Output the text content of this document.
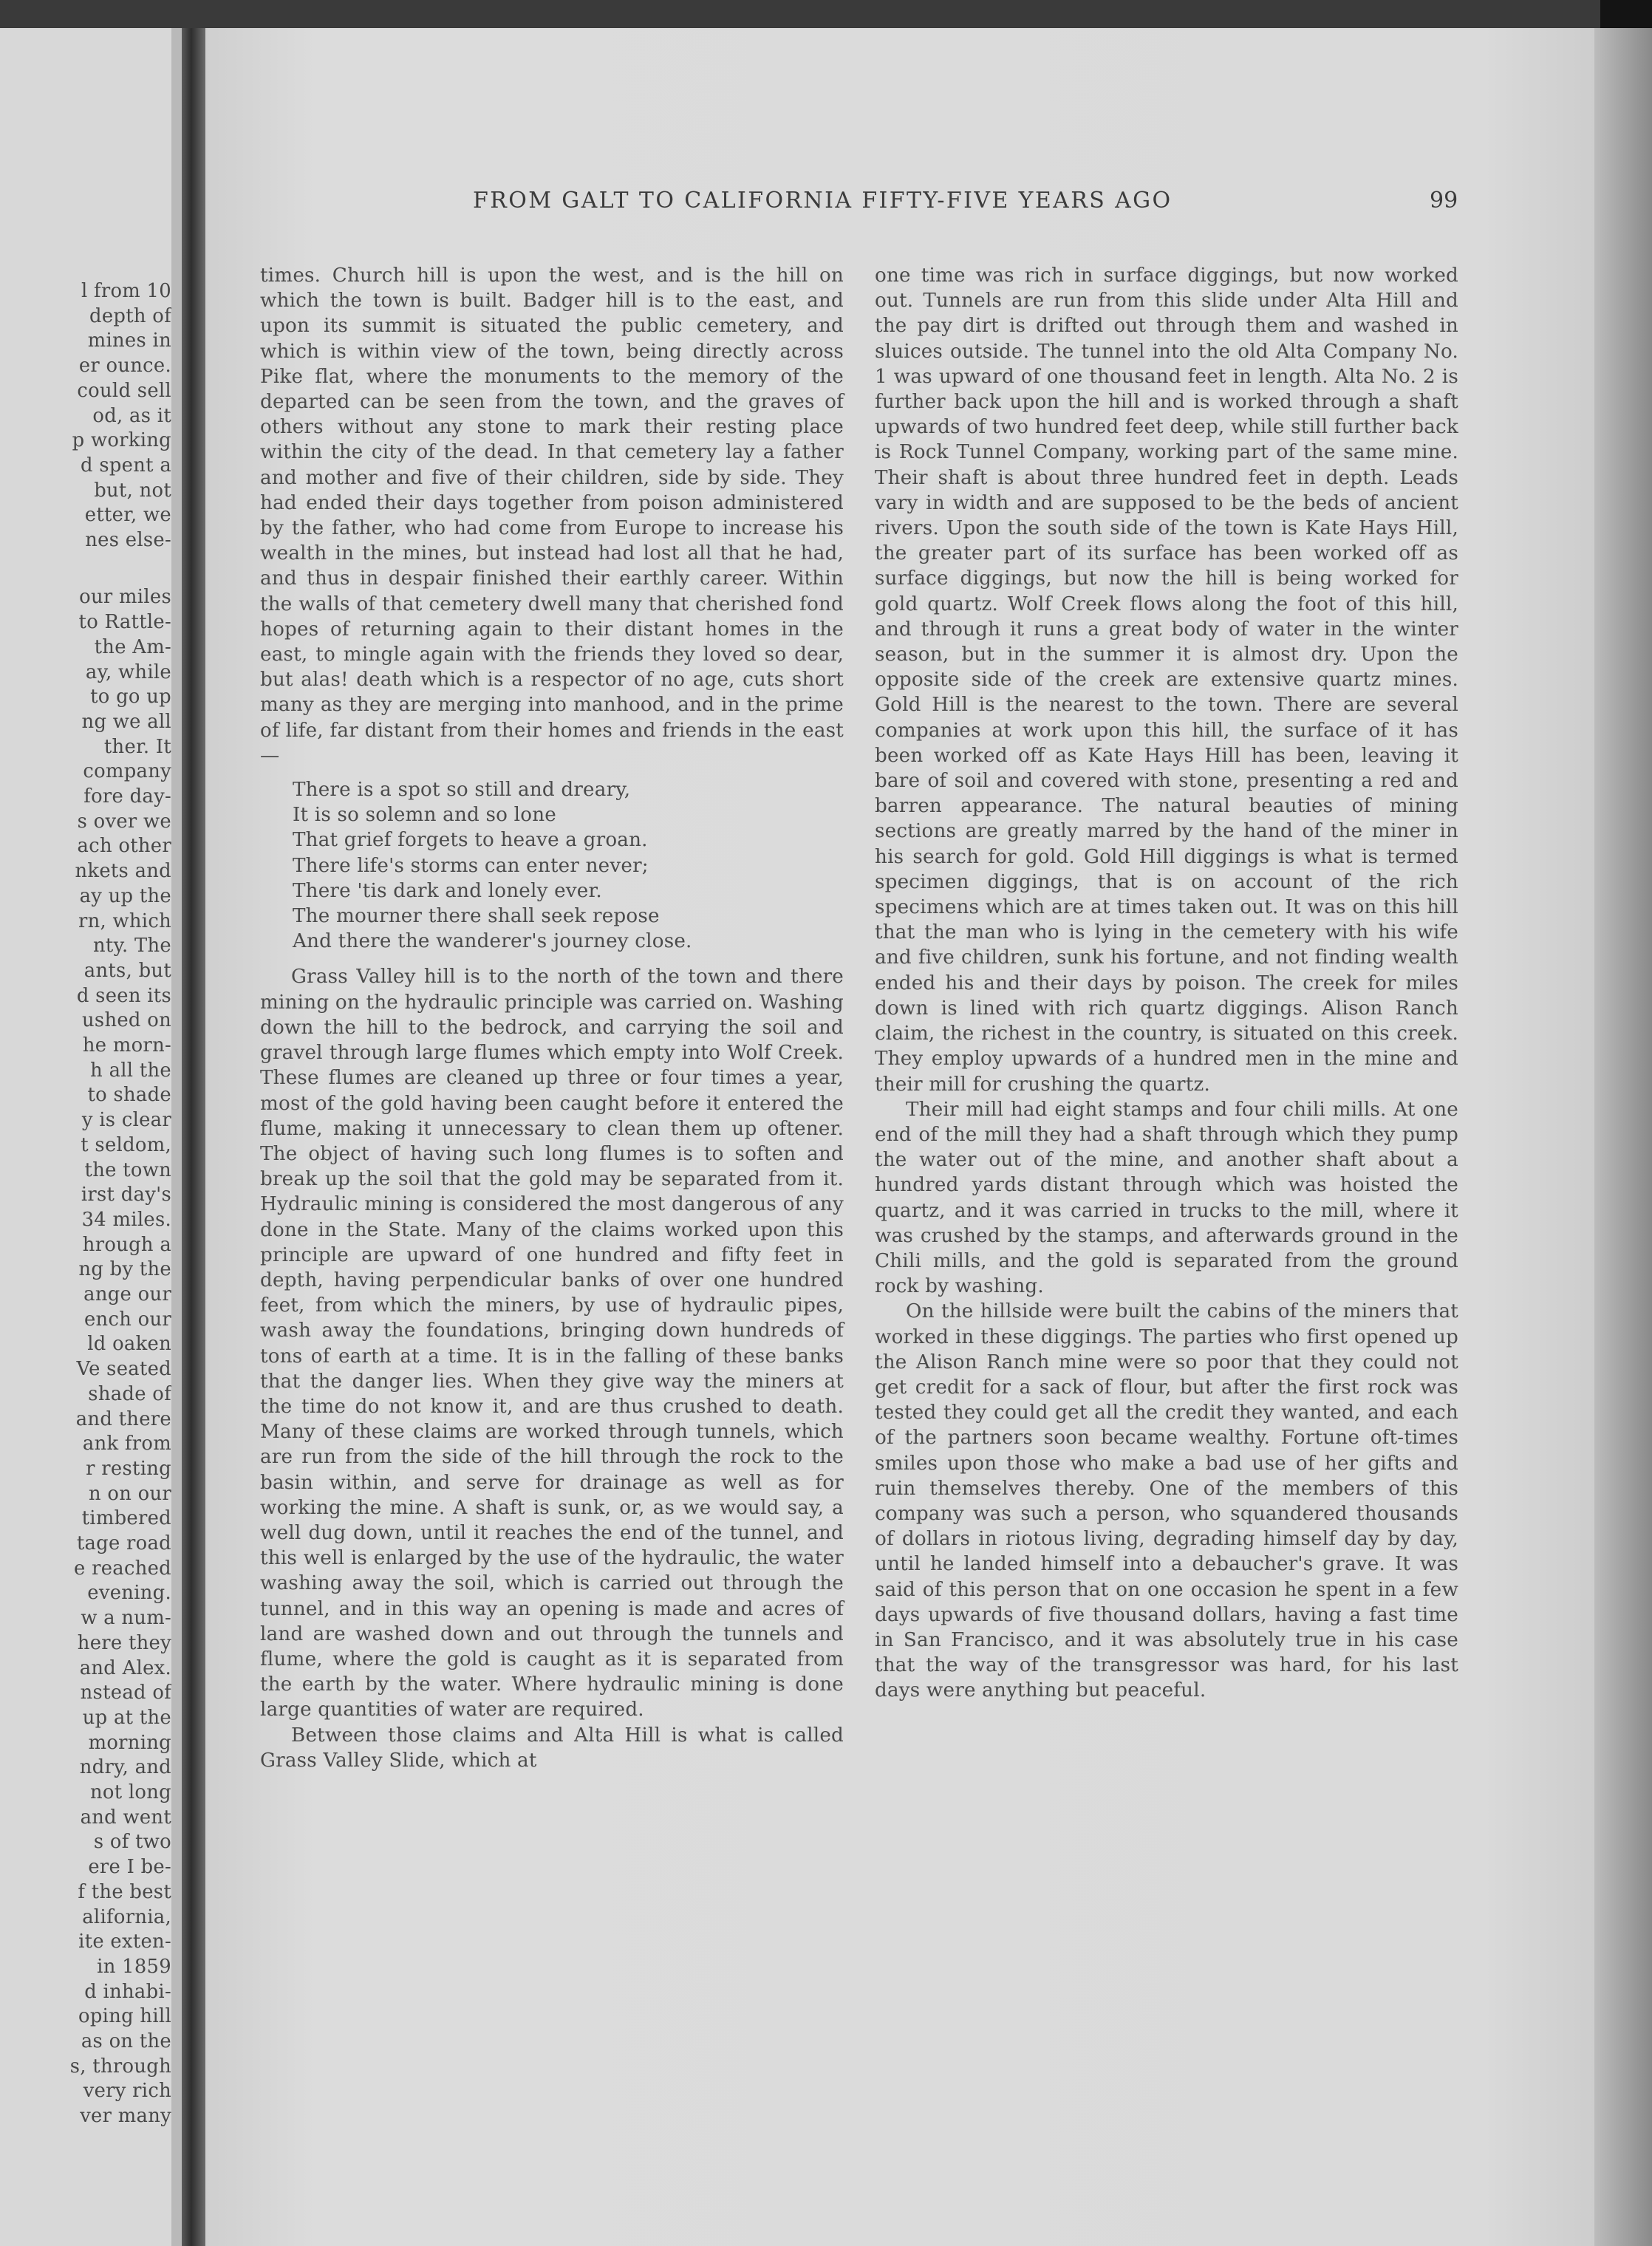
l from 10
depth of
mines in
er ounce.
could sell
od, as it
p working
d spent a
but, not
etter, we
nes else-
our miles
to Rattle-
the Am-
ay, while
to go up
ng we all
ther. It
company
fore day-
s over we
ach other
nkets and
ay up the
rn, which
nty. The
ants, but
d seen its
ushed on
he morn-
h all the
to shade
y is clear
t seldom,
the town
irst day's
34 miles.
hrough a
ng by the
ange our
ench our
ld oaken
Ve seated
shade of
and there
ank from
r resting
n on our
timbered
tage road
e reached
evening.
w a num-
here they
and Alex.
nstead of
up at the
morning
ndry, and
not long
and went
s of two
ere I be-
f the best
alifornia,
ite exten-
in 1859
d inhabi-
oping hill
as on the
s, through
very rich
ver many
FROM GALT TO CALIFORNIA FIFTY-FIVE YEARS AGO	99

times. Church hill is upon the west, and is the hill on which the town is built. Badger hill is to the east, and upon its summit is situated the public cemetery, and which is within view of the town, being directly across Pike flat, where the monuments to the memory of the departed can be seen from the town, and the graves of others without any stone to mark their resting place within the city of the dead. In that cemetery lay a father and mother and five of their children, side by side. They had ended their days together from poison administered by the father, who had come from Europe to increase his wealth in the mines, but instead had lost all that he had, and thus in despair finished their earthly career. Within the walls of that cemetery dwell many that cherished fond hopes of returning again to their distant homes in the east, to mingle again with the friends they loved so dear, but alas! death which is a respector of no age, cuts short many as they are merging into manhood, and in the prime of life, far distant from their homes and friends in the east—

There is a spot so still and dreary,
It is so solemn and so lone
That grief forgets to heave a groan.
There life's storms can enter never;
There 'tis dark and lonely ever.
The mourner there shall seek repose
And there the wanderer's journey close.

Grass Valley hill is to the north of the town and there mining on the hydraulic principle was carried on. Washing down the hill to the bedrock, and carrying the soil and gravel through large flumes which empty into Wolf Creek. These flumes are cleaned up three or four times a year, most of the gold having been caught before it entered the flume, making it unnecessary to clean them up oftener. The object of having such long flumes is to soften and break up the soil that the gold may be separated from it. Hydraulic mining is considered the most dangerous of any done in the State. Many of the claims worked upon this principle are upward of one hundred and fifty feet in depth, having perpendicular banks of over one hundred feet, from which the miners, by use of hydraulic pipes, wash away the foundations, bringing down hundreds of tons of earth at a time. It is in the falling of these banks that the danger lies. When they give way the miners at the time do not know it, and are thus crushed to death. Many of these claims are worked through tunnels, which are run from the side of the hill through the rock to the basin within, and serve for drainage as well as for working the mine. A shaft is sunk, or, as we would say, a well dug down, until it reaches the end of the tunnel, and this well is enlarged by the use of the hydraulic, the water washing away the soil, which is carried out through the tunnel, and in this way an opening is made and acres of land are washed down and out through the tunnels and flume, where the gold is caught as it is separated from the earth by the water. Where hydraulic mining is done large quantities of water are required.

Between those claims and Alta Hill is what is called Grass Valley Slide, which at

one time was rich in surface diggings, but now worked out. Tunnels are run from this slide under Alta Hill and the pay dirt is drifted out through them and washed in sluices outside. The tunnel into the old Alta Company No. 1 was upward of one thousand feet in length. Alta No. 2 is further back upon the hill and is worked through a shaft upwards of two hundred feet deep, while still further back is Rock Tunnel Company, working part of the same mine. Their shaft is about three hundred feet in depth. Leads vary in width and are supposed to be the beds of ancient rivers. Upon the south side of the town is Kate Hays Hill, the greater part of its surface has been worked off as surface diggings, but now the hill is being worked for gold quartz. Wolf Creek flows along the foot of this hill, and through it runs a great body of water in the winter season, but in the summer it is almost dry. Upon the opposite side of the creek are extensive quartz mines. Gold Hill is the nearest to the town. There are several companies at work upon this hill, the surface of it has been worked off as Kate Hays Hill has been, leaving it bare of soil and covered with stone, presenting a red and barren appearance. The natural beauties of mining sections are greatly marred by the hand of the miner in his search for gold. Gold Hill diggings is what is termed specimen diggings, that is on account of the rich specimens which are at times taken out. It was on this hill that the man who is lying in the cemetery with his wife and five children, sunk his fortune, and not finding wealth ended his and their days by poison. The creek for miles down is lined with rich quartz diggings. Alison Ranch claim, the richest in the country, is situated on this creek. They employ upwards of a hundred men in the mine and their mill for crushing the quartz.

Their mill had eight stamps and four chili mills. At one end of the mill they had a shaft through which they pump the water out of the mine, and another shaft about a hundred yards distant through which was hoisted the quartz, and it was carried in trucks to the mill, where it was crushed by the stamps, and afterwards ground in the Chili mills, and the gold is separated from the ground rock by washing.

On the hillside were built the cabins of the miners that worked in these diggings. The parties who first opened up the Alison Ranch mine were so poor that they could not get credit for a sack of flour, but after the first rock was tested they could get all the credit they wanted, and each of the partners soon became wealthy. Fortune oft-times smiles upon those who make a bad use of her gifts and ruin themselves thereby. One of the members of this company was such a person, who squandered thousands of dollars in riotous living, degrading himself day by day, until he landed himself into a debaucher's grave. It was said of this person that on one occasion he spent in a few days upwards of five thousand dollars, having a fast time in San Francisco, and it was absolutely true in his case that the way of the transgressor was hard, for his last days were anything but peaceful.
